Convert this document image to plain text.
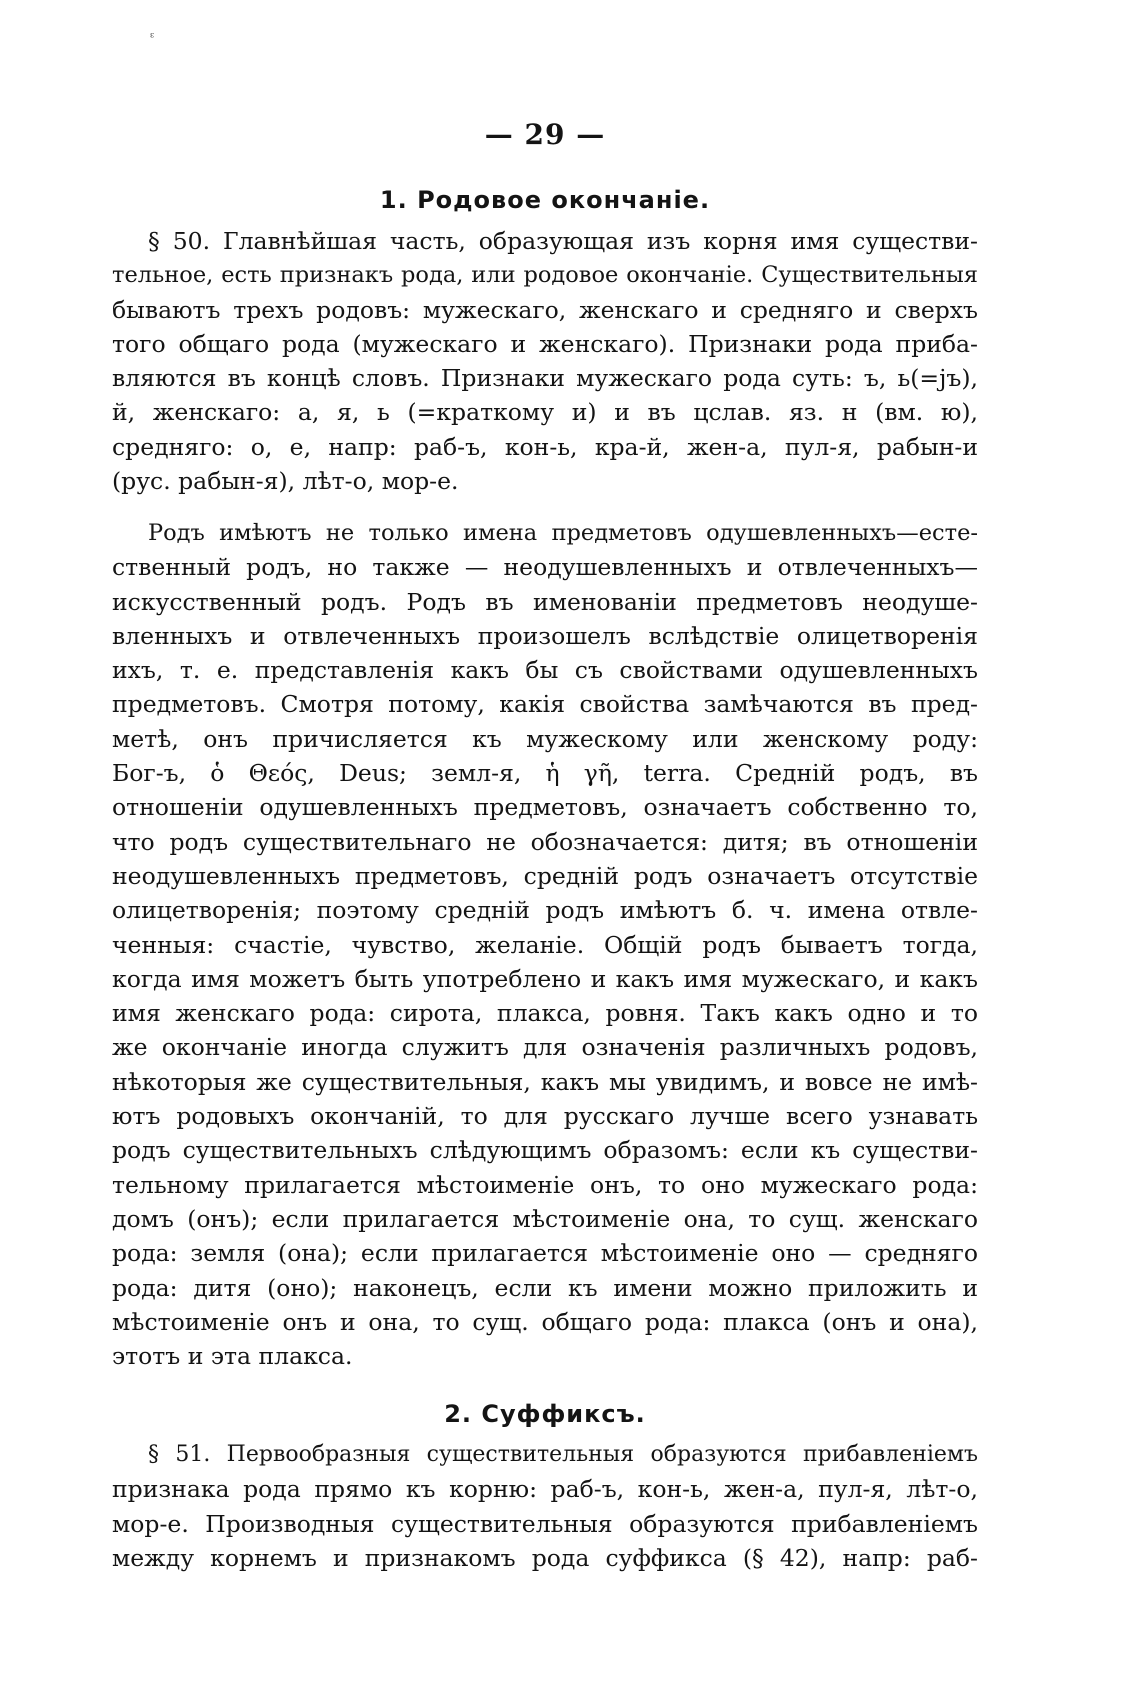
ᵋ
— 29 —
1. Родовое окончаніе.
§ 50. Главнѣйшая часть, образующая изъ корня имя существи-
тельное, есть признакъ рода, или родовое окончаніе. Существительныя
бываютъ трехъ родовъ: мужескаго, женскаго и средняго и сверхъ
того общаго рода (мужескаго и женскаго). Признаки рода приба-
вляются въ концѣ словъ. Признаки мужескаго рода суть: ъ, ь(=jъ),
й, женскаго: а, я, ь (=краткому и) и въ цслав. яз. н (вм. ю),
средняго: о, е, напр: раб-ъ, кон-ь, кра-й, жен-а, пул-я, рабын-и
(рус. рабын-я), лѣт-о, мор-е.
Родъ имѣютъ не только имена предметовъ одушевленныхъ—есте-
ственный родъ, но также — неодушевленныхъ и отвлеченныхъ—
искусственный родъ. Родъ въ именованіи предметовъ неодуше-
вленныхъ и отвлеченныхъ произошелъ вслѣдствіе олицетворенія
ихъ, т. е. представленія какъ бы съ свойствами одушевленныхъ
предметовъ. Смотря потому, какія свойства замѣчаются въ пред-
метѣ, онъ причисляется къ мужескому или женскому роду:
Бог-ъ, ὁ Θεός, Deus; земл-я, ἡ γῆ, terra. Средній родъ, въ
отношеніи одушевленныхъ предметовъ, означаетъ собственно то,
что родъ существительнаго не обозначается: дитя; въ отношеніи
неодушевленныхъ предметовъ, средній родъ означаетъ отсутствіе
олицетворенія; поэтому средній родъ имѣютъ б. ч. имена отвле-
ченныя: счастіе, чувство, желаніе. Общій родъ бываетъ тогда,
когда имя можетъ быть употреблено и какъ имя мужескаго, и какъ
имя женскаго рода: сирота, плакса, ровня. Такъ какъ одно и то
же окончаніе иногда служитъ для означенія различныхъ родовъ,
нѣкоторыя же существительныя, какъ мы увидимъ, и вовсе не имѣ-
ютъ родовыхъ окончаній, то для русскаго лучше всего узнавать
родъ существительныхъ слѣдующимъ образомъ: если къ существи-
тельному прилагается мѣстоименіе онъ, то оно мужескаго рода:
домъ (онъ); если прилагается мѣстоименіе она, то сущ. женскаго
рода: земля (она); если прилагается мѣстоименіе оно — средняго
рода: дитя (оно); наконецъ, если къ имени можно приложить и
мѣстоименіе онъ и она, то сущ. общаго рода: плакса (онъ и она),
этотъ и эта плакса.
2. Суффиксъ.
§ 51. Первообразныя существительныя образуются прибавленіемъ
признака рода прямо къ корню: раб-ъ, кон-ь, жен-а, пул-я, лѣт-о,
мор-е. Производныя существительныя образуются прибавленіемъ
между корнемъ и признакомъ рода суффикса (§ 42), напр: раб-
